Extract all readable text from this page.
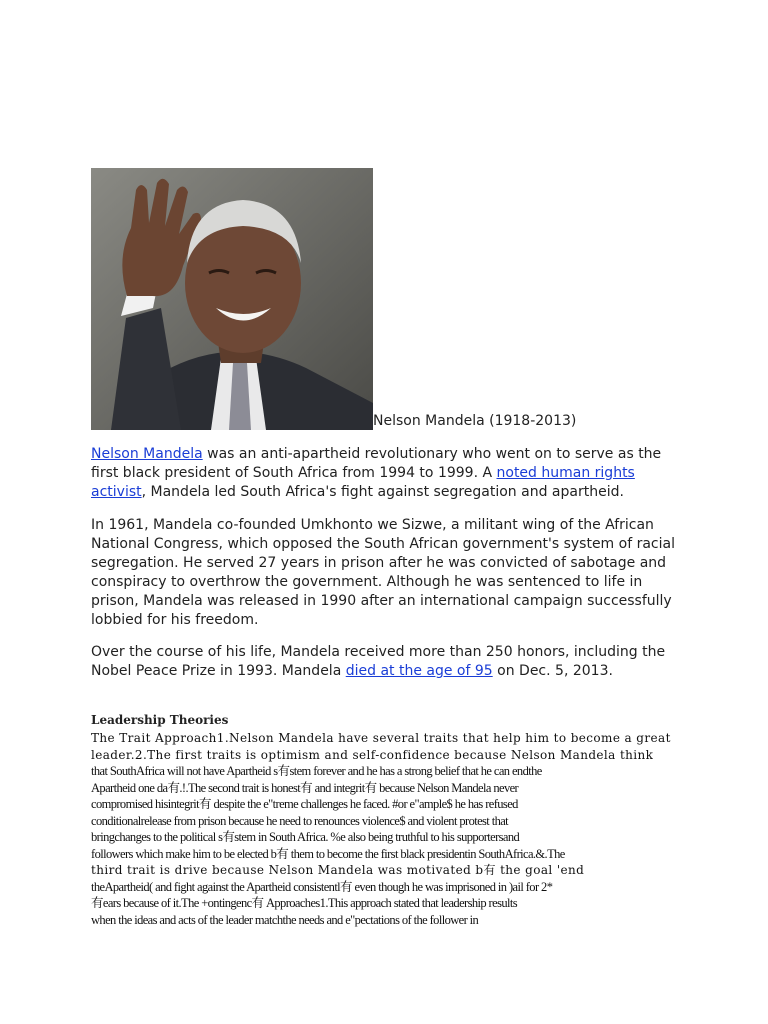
Nelson Mandela (1918-2013)

Nelson Mandela was an anti-apartheid revolutionary who went on to serve as the first black president of South Africa from 1994 to 1999. A noted human rights activist, Mandela led South Africa's fight against segregation and apartheid.

In 1961, Mandela co-founded Umkhonto we Sizwe, a militant wing of the African National Congress, which opposed the South African government's system of racial segregation. He served 27 years in prison after he was convicted of sabotage and conspiracy to overthrow the government. Although he was sentenced to life in prison, Mandela was released in 1990 after an international campaign successfully lobbied for his freedom.

Over the course of his life, Mandela received more than 250 honors, including the Nobel Peace Prize in 1993. Mandela died at the age of 95 on Dec. 5, 2013.

Leadership Theories
The Trait Approach1.Nelson Mandela have several traits that help him to become a great
leader.2.The first traits is optimism and self-confidence because Nelson Mandela think
that SouthAfrica will not have Apartheid s有stem forever and he has a strong belief that he can endthe
Apartheid one da有.!.The second trait is honest有 and integrit有 because Nelson Mandela never
compromised hisintegrit有 despite the e"treme challenges he faced. #or e"ample$ he has refused
conditionalrelease from prison because he need to renounces violence$ and violent protest that
bringchanges to the political s有stem in South Africa. %e also being truthful to his supportersand
followers which make him to be elected b有 them to become the first black presidentin SouthAfrica.&.The
third trait is drive because Nelson Mandela was motivated b有 the goal 'end
theApartheid( and fight against the Apartheid consistentl有 even though he was imprisoned in )ail for 2*
有ears because of it.The +ontingenc有 Approaches1.This approach stated that leadership results
when the ideas and acts of the leader matchthe needs and e"pectations of the follower in
